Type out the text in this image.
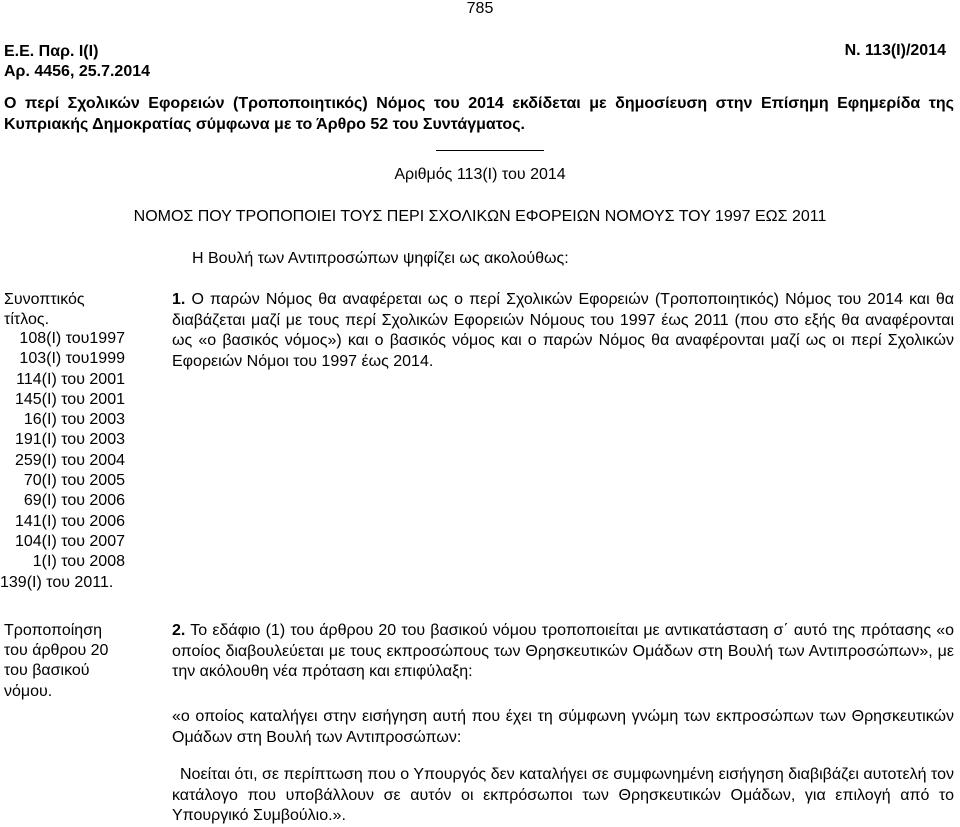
785
Ε.Ε. Παρ. Ι(Ι)
Αρ. 4456, 25.7.2014
Ν. 113(Ι)/2014
Ο περί Σχολικών Εφορειών (Τροποποιητικός) Νόμος του 2014 εκδίδεται με δημοσίευση στην Επίσημη Εφημερίδα της Κυπριακής Δημοκρατίας σύμφωνα με το Άρθρο 52 του Συντάγματος.
Αριθμός 113(Ι) του 2014
ΝΟΜΟΣ ΠΟΥ ΤΡΟΠΟΠΟΙΕΙ ΤΟΥΣ ΠΕΡΙ ΣΧΟΛΙΚΩΝ ΕΦΟΡΕΙΩΝ ΝΟΜΟΥΣ ΤΟΥ 1997 ΕΩΣ 2011
Η Βουλή των Αντιπροσώπων ψηφίζει ως ακολούθως:
Συνοπτικός
τίτλος.
108(Ι) του1997
103(Ι) του1999
114(Ι) του 2001
145(Ι) του 2001
16(Ι) του 2003
191(Ι) του 2003
259(Ι) του 2004
70(Ι) του 2005
69(Ι) του 2006
141(Ι) του 2006
104(Ι) του 2007
1(Ι) του 2008
139(Ι) του 2011.
Τροποποίηση
του άρθρου 20
του βασικού
νόμου.
1. Ο παρών Νόμος θα αναφέρεται ως ο περί Σχολικών Εφορειών (Τροποποιητικός) Νόμος του 2014 και θα διαβάζεται μαζί με τους περί Σχολικών Εφορειών Νόμους του 1997 έως 2011 (που στο εξής θα αναφέρονται ως «ο βασικός νόμος») και ο βασικός νόμος και ο παρών Νόμος θα αναφέρονται μαζί ως οι περί Σχολικών Εφορειών Νόμοι του 1997 έως 2014.
2. Το εδάφιο (1) του άρθρου 20 του βασικού νόμου τροποποιείται με αντικατάσταση σ΄ αυτό της πρότασης «ο οποίος διαβουλεύεται με τους εκπροσώπους των Θρησκευτικών Ομάδων στη Βουλή των Αντιπροσώπων», με την ακόλουθη νέα πρόταση και επιφύλαξη:
«ο οποίος καταλήγει στην εισήγηση αυτή που έχει τη σύμφωνη γνώμη των εκπροσώπων των Θρησκευτικών Ομάδων στη Βουλή των Αντιπροσώπων:
Νοείται ότι, σε περίπτωση που ο Υπουργός δεν καταλήγει σε συμφωνημένη εισήγηση διαβιβάζει αυτοτελή τον κατάλογο που υποβάλλουν σε αυτόν οι εκπρόσωποι των Θρησκευτικών Ομάδων, για επιλογή από το Υπουργικό Συμβούλιο.».
